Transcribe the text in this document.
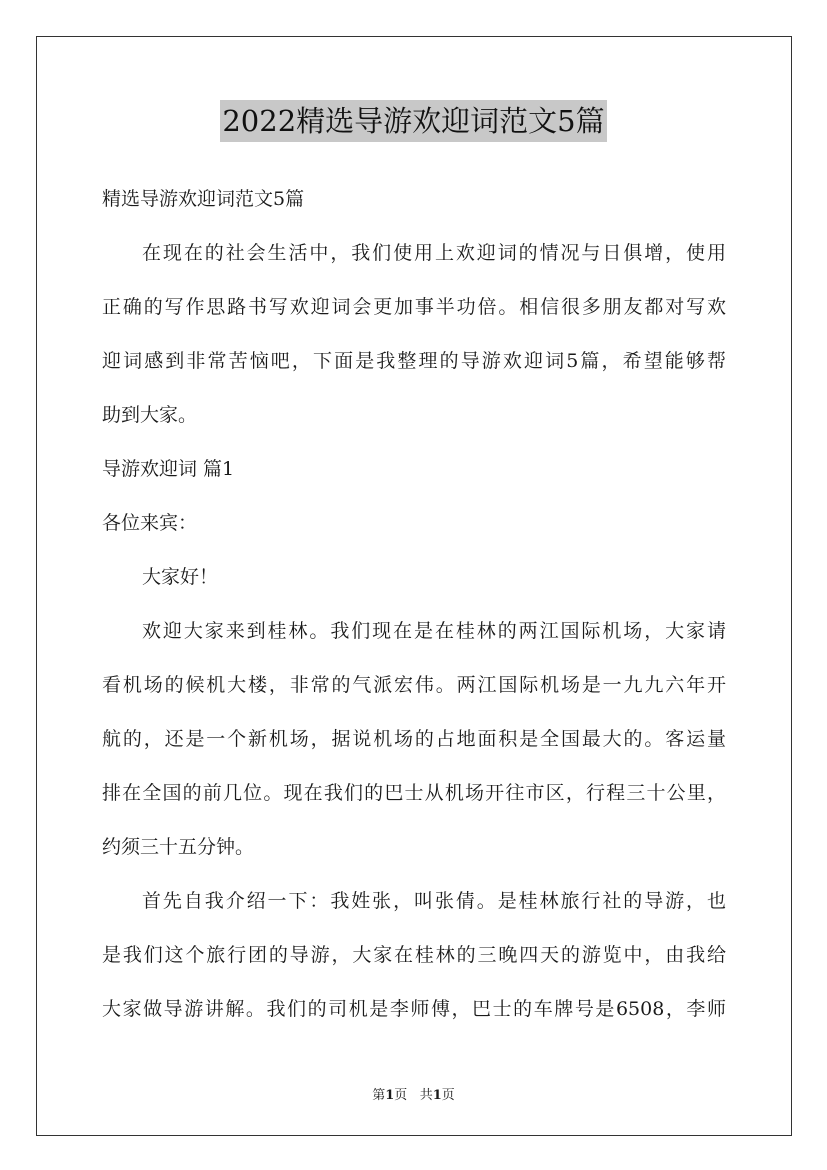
2022精选导游欢迎词范文5篇

精选导游欢迎词范文5篇

在现在的社会生活中，我们使用上欢迎词的情况与日俱增，使用

正确的写作思路书写欢迎词会更加事半功倍。相信很多朋友都对写欢

迎词感到非常苦恼吧，下面是我整理的导游欢迎词5篇，希望能够帮

助到大家。

导游欢迎词 篇1

各位来宾：

大家好！

欢迎大家来到桂林。我们现在是在桂林的两江国际机场，大家请

看机场的候机大楼，非常的气派宏伟。两江国际机场是一九九六年开

航的，还是一个新机场，据说机场的占地面积是全国最大的。客运量

排在全国的前几位。现在我们的巴士从机场开往市区，行程三十公里，

约须三十五分钟。

首先自我介绍一下：我姓张，叫张倩。是桂林旅行社的导游，也

是我们这个旅行团的导游，大家在桂林的三晚四天的游览中，由我给

大家做导游讲解。我们的司机是李师傅，巴士的车牌号是6508，李师

第1页 共1页
